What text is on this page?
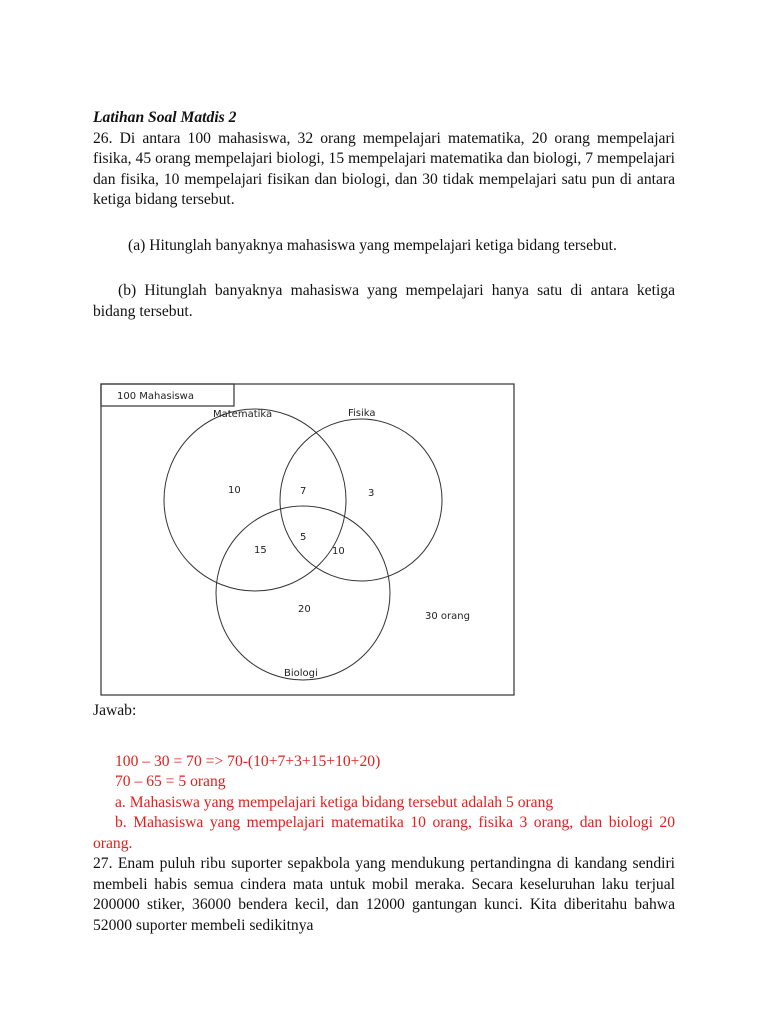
Latihan Soal Matdis 2

26. Di antara 100 mahasiswa, 32 orang mempelajari matematika, 20 orang mempelajari fisika, 45 orang mempelajari biologi, 15 mempelajari matematika dan biologi, 7 mempelajari dan fisika, 10 mempelajari fisikan dan biologi, dan 30 tidak mempelajari satu pun di antara ketiga bidang tersebut.

(a) Hitunglah banyaknya mahasiswa yang mempelajari ketiga bidang tersebut.

(b) Hitunglah banyaknya mahasiswa yang mempelajari hanya satu di antara ketiga bidang tersebut.

100 Mahasiswa
Matematika	Fisika
Biologi
10	7	3
15
5
10
20
30 orang
Jawab:

100 – 30 = 70 => 70-(10+7+3+15+10+20)

70 – 65 = 5 orang

a. Mahasiswa yang mempelajari ketiga bidang tersebut adalah 5 orang

b. Mahasiswa yang mempelajari matematika 10 orang, fisika 3 orang, dan biologi 20 orang.

27. Enam puluh ribu suporter sepakbola yang mendukung pertandingna di kandang sendiri membeli habis semua cindera mata untuk mobil meraka. Secara keseluruhan laku terjual 200000 stiker, 36000 bendera kecil, dan 12000 gantungan kunci. Kita diberitahu bahwa 52000 suporter membeli sedikitnya
